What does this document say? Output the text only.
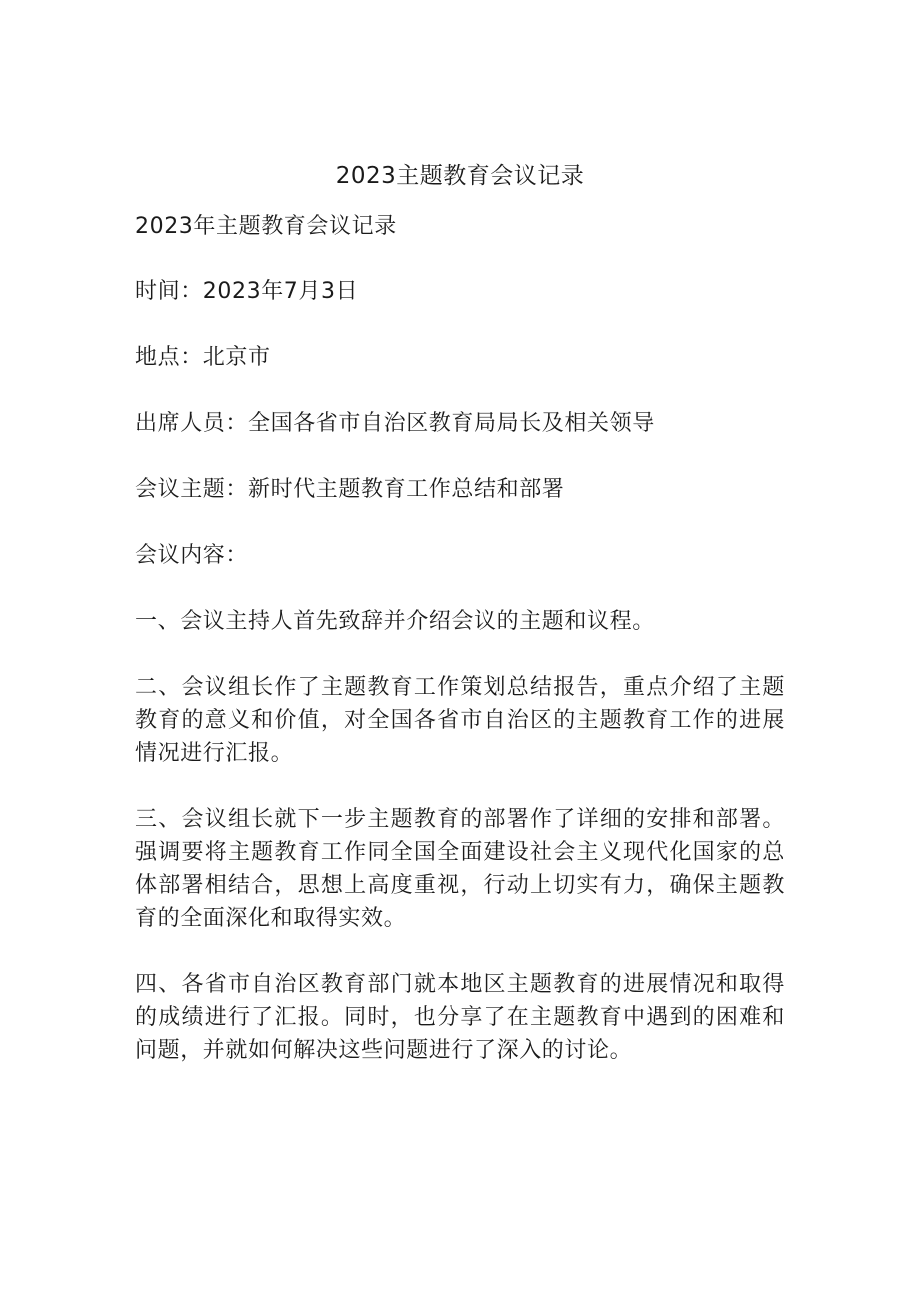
2023主题教育会议记录

2023年主题教育会议记录

时间：2023年7月3日

地点：北京市

出席人员：全国各省市自治区教育局局长及相关领导

会议主题：新时代主题教育工作总结和部署

会议内容：

一、会议主持人首先致辞并介绍会议的主题和议程。

二、会议组长作了主题教育工作策划总结报告，重点介绍了主题教育的意义和价值，对全国各省市自治区的主题教育工作的进展情况进行汇报。

三、会议组长就下一步主题教育的部署作了详细的安排和部署。强调要将主题教育工作同全国全面建设社会主义现代化国家的总体部署相结合，思想上高度重视，行动上切实有力，确保主题教育的全面深化和取得实效。

四、各省市自治区教育部门就本地区主题教育的进展情况和取得的成绩进行了汇报。同时，也分享了在主题教育中遇到的困难和问题，并就如何解决这些问题进行了深入的讨论。
